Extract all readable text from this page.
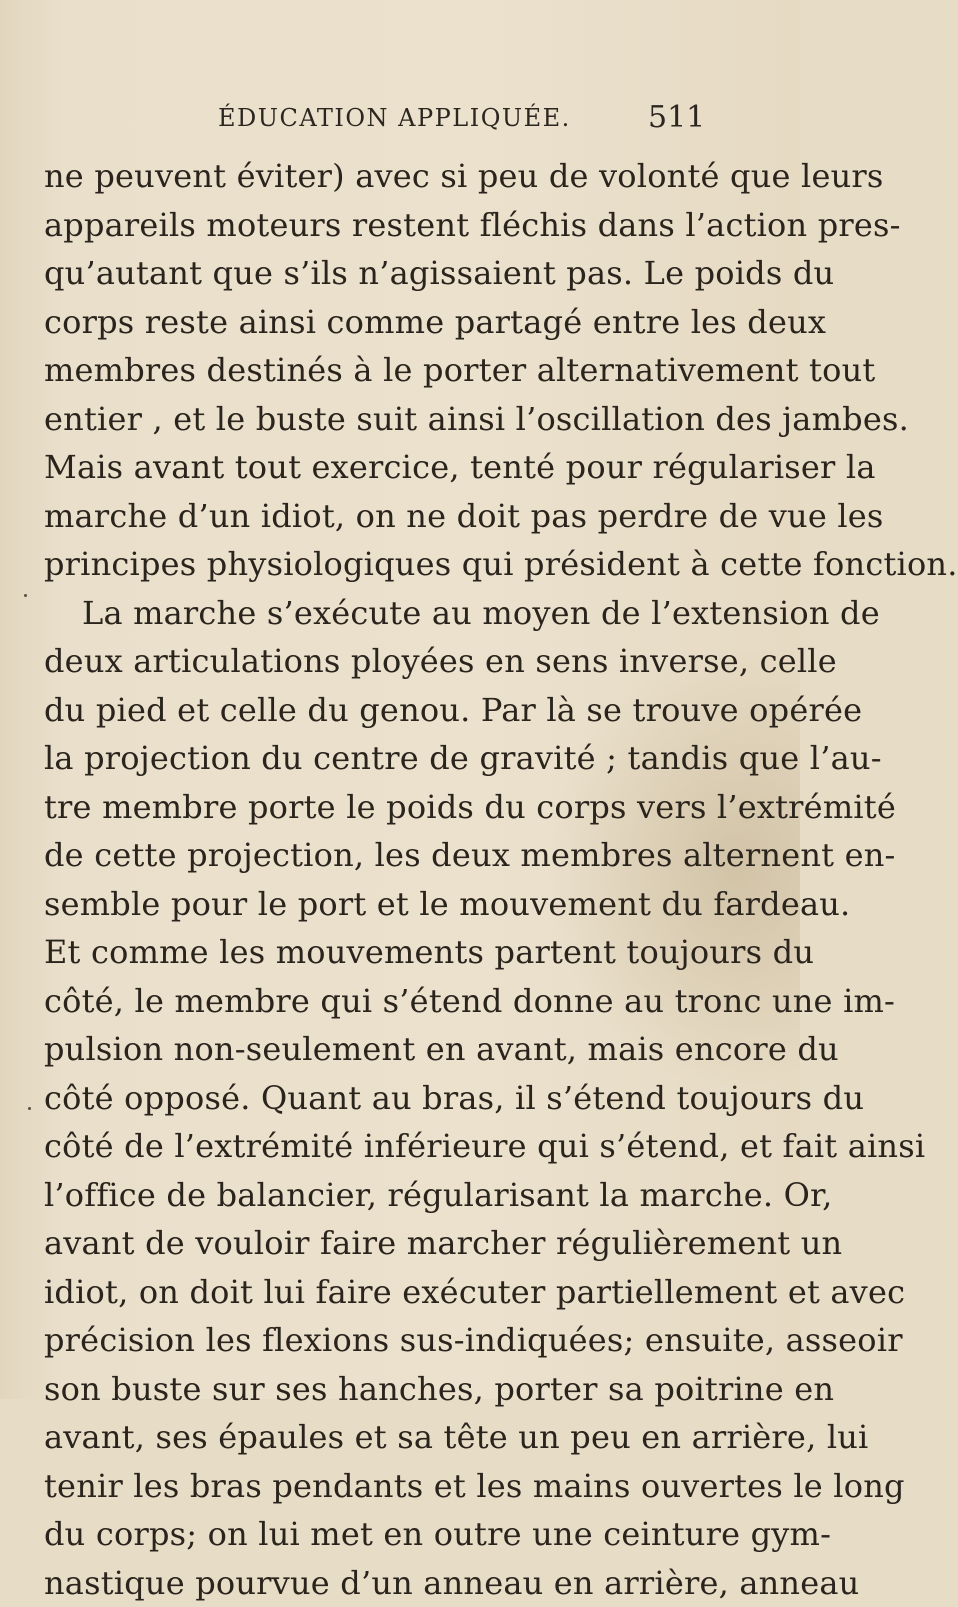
ÉDUCATION APPLIQUÉE.	511
ne peuvent éviter) avec si peu de volonté que leurs
appareils moteurs restent fléchis dans l’action pres-
qu’autant que s’ils n’agissaient pas. Le poids du
corps reste ainsi comme partagé entre les deux
membres destinés à le porter alternativement tout
entier , et le buste suit ainsi l’oscillation des jambes.
Mais avant tout exercice, tenté pour régulariser la
marche d’un idiot, on ne doit pas perdre de vue les
principes physiologiques qui président à cette fonction.
La marche s’exécute au moyen de l’extension de
deux articulations ployées en sens inverse, celle
du pied et celle du genou. Par là se trouve opérée
la projection du centre de gravité ; tandis que l’au-
tre membre porte le poids du corps vers l’extrémité
de cette projection, les deux membres alternent en-
semble pour le port et le mouvement du fardeau.
Et comme les mouvements partent toujours du
côté, le membre qui s’étend donne au tronc une im-
pulsion non-seulement en avant, mais encore du
côté opposé. Quant au bras, il s’étend toujours du
côté de l’extrémité inférieure qui s’étend, et fait ainsi
l’office de balancier, régularisant la marche. Or,
avant de vouloir faire marcher régulièrement un
idiot, on doit lui faire exécuter partiellement et avec
précision les flexions sus-indiquées; ensuite, asseoir
son buste sur ses hanches, porter sa poitrine en
avant, ses épaules et sa tête un peu en arrière, lui
tenir les bras pendants et les mains ouvertes le long
du corps; on lui met en outre une ceinture gym-
nastique pourvue d’un anneau en arrière, anneau
